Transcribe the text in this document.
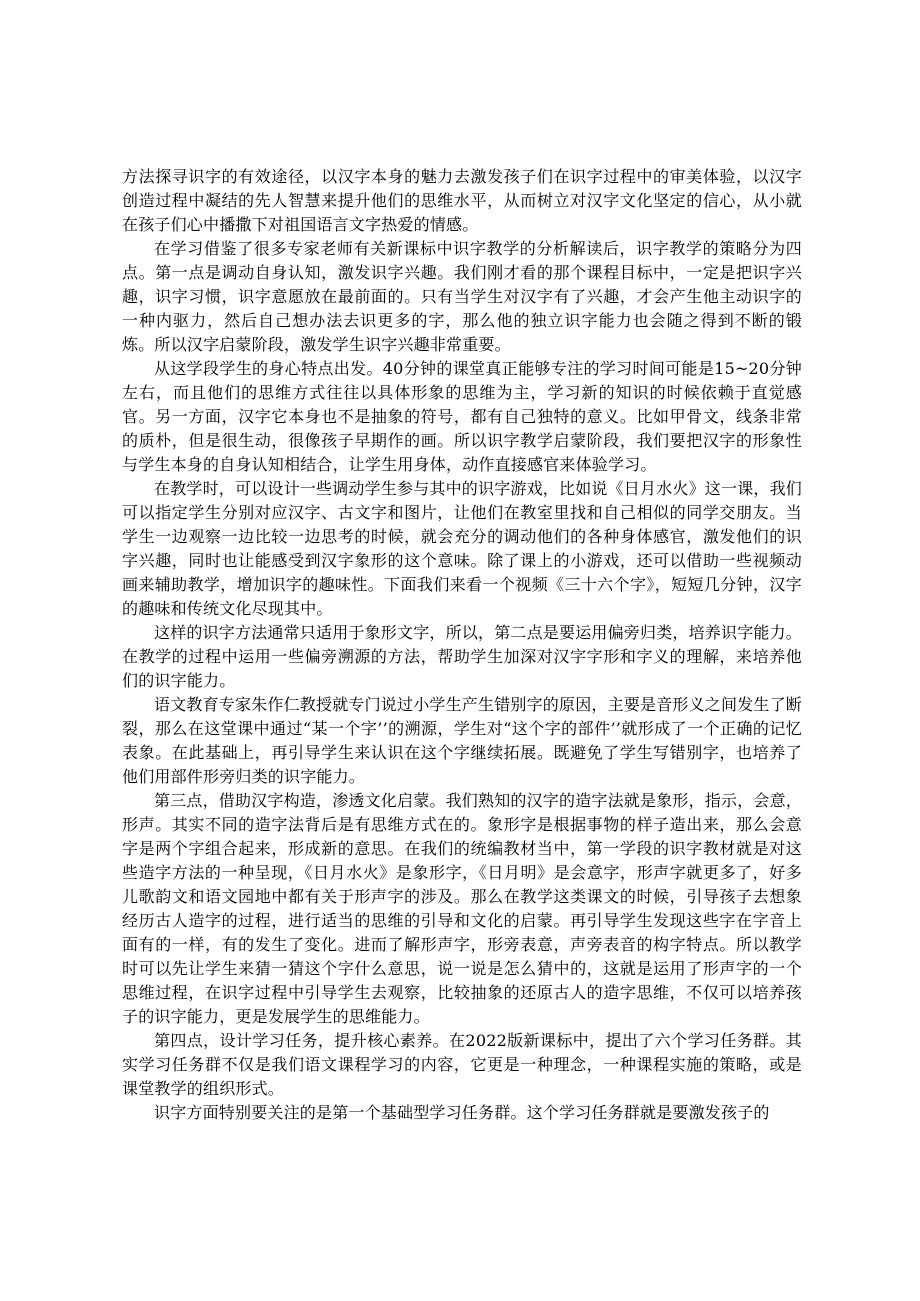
方法探寻识字的有效途径，以汉字本身的魅力去激发孩子们在识字过程中的审美体验，以汉字创造过程中凝结的先人智慧来提升他们的思维水平，从而树立对汉字文化坚定的信心，从小就在孩子们心中播撒下对祖国语言文字热爱的情感。

在学习借鉴了很多专家老师有关新课标中识字教学的分析解读后，识字教学的策略分为四点。第一点是调动自身认知，激发识字兴趣。我们刚才看的那个课程目标中，一定是把识字兴趣，识字习惯，识字意愿放在最前面的。只有当学生对汉字有了兴趣，才会产生他主动识字的一种内驱力，然后自己想办法去识更多的字，那么他的独立识字能力也会随之得到不断的锻炼。所以汉字启蒙阶段，激发学生识字兴趣非常重要。

从这学段学生的身心特点出发。40分钟的课堂真正能够专注的学习时间可能是15~20分钟左右，而且他们的思维方式往往以具体形象的思维为主，学习新的知识的时候依赖于直觉感官。另一方面，汉字它本身也不是抽象的符号，都有自己独特的意义。比如甲骨文，线条非常的质朴，但是很生动，很像孩子早期作的画。所以识字教学启蒙阶段，我们要把汉字的形象性与学生本身的自身认知相结合，让学生用身体，动作直接感官来体验学习。

在教学时，可以设计一些调动学生参与其中的识字游戏，比如说《日月水火》这一课，我们可以指定学生分别对应汉字、古文字和图片，让他们在教室里找和自己相似的同学交朋友。当学生一边观察一边比较一边思考的时候，就会充分的调动他们的各种身体感官，激发他们的识字兴趣，同时也让能感受到汉字象形的这个意味。除了课上的小游戏，还可以借助一些视频动画来辅助教学，增加识字的趣味性。下面我们来看一个视频《三十六个字》，短短几分钟，汉字的趣味和传统文化尽现其中。

这样的识字方法通常只适用于象形文字，所以，第二点是要运用偏旁归类，培养识字能力。在教学的过程中运用一些偏旁溯源的方法，帮助学生加深对汉字字形和字义的理解，来培养他们的识字能力。

语文教育专家朱作仁教授就专门说过小学生产生错别字的原因，主要是音形义之间发生了断裂，那么在这堂课中通过“某一个字’’的溯源，学生对“这个字的部件’’就形成了一个正确的记忆表象。在此基础上，再引导学生来认识在这个字继续拓展。既避免了学生写错别字，也培养了他们用部件形旁归类的识字能力。

第三点，借助汉字构造，渗透文化启蒙。我们熟知的汉字的造字法就是象形，指示，会意，形声。其实不同的造字法背后是有思维方式在的。象形字是根据事物的样子造出来，那么会意字是两个字组合起来，形成新的意思。在我们的统编教材当中，第一学段的识字教材就是对这些造字方法的一种呈现，《日月水火》是象形字，《日月明》是会意字，形声字就更多了，好多儿歌韵文和语文园地中都有关于形声字的涉及。那么在教学这类课文的时候，引导孩子去想象经历古人造字的过程，进行适当的思维的引导和文化的启蒙。再引导学生发现这些字在字音上面有的一样，有的发生了变化。进而了解形声字，形旁表意，声旁表音的构字特点。所以教学时可以先让学生来猜一猜这个字什么意思，说一说是怎么猜中的，这就是运用了形声字的一个思维过程，在识字过程中引导学生去观察，比较抽象的还原古人的造字思维，不仅可以培养孩子的识字能力，更是发展学生的思维能力。

第四点，设计学习任务，提升核心素养。在2022版新课标中，提出了六个学习任务群。其实学习任务群不仅是我们语文课程学习的内容，它更是一种理念，一种课程实施的策略，或是课堂教学的组织形式。

识字方面特别要关注的是第一个基础型学习任务群。这个学习任务群就是要激发孩子的
